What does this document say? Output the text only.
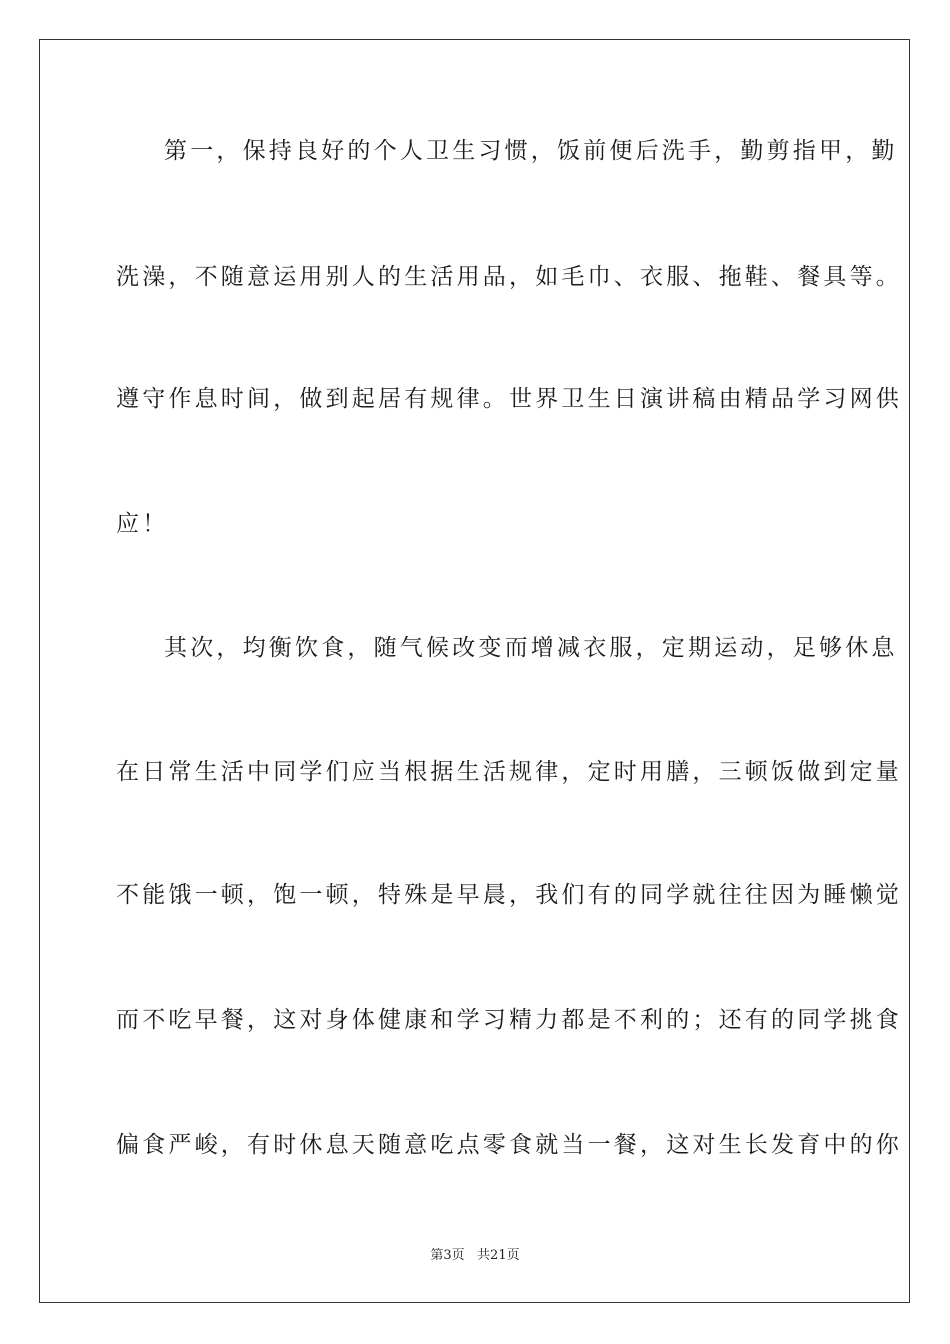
第一，保持良好的个人卫生习惯，饭前便后洗手，勤剪指甲，勤
洗澡，不随意运用别人的生活用品，如毛巾、衣服、拖鞋、餐具等。
遵守作息时间，做到起居有规律。世界卫生日演讲稿由精品学习网供
应！
其次，均衡饮食，随气候改变而增减衣服，定期运动，足够休息
在日常生活中同学们应当根据生活规律，定时用膳，三顿饭做到定量
不能饿一顿，饱一顿，特殊是早晨，我们有的同学就往往因为睡懒觉
而不吃早餐，这对身体健康和学习精力都是不利的；还有的同学挑食
偏食严峻，有时休息天随意吃点零食就当一餐，这对生长发育中的你
第3页   共21页
